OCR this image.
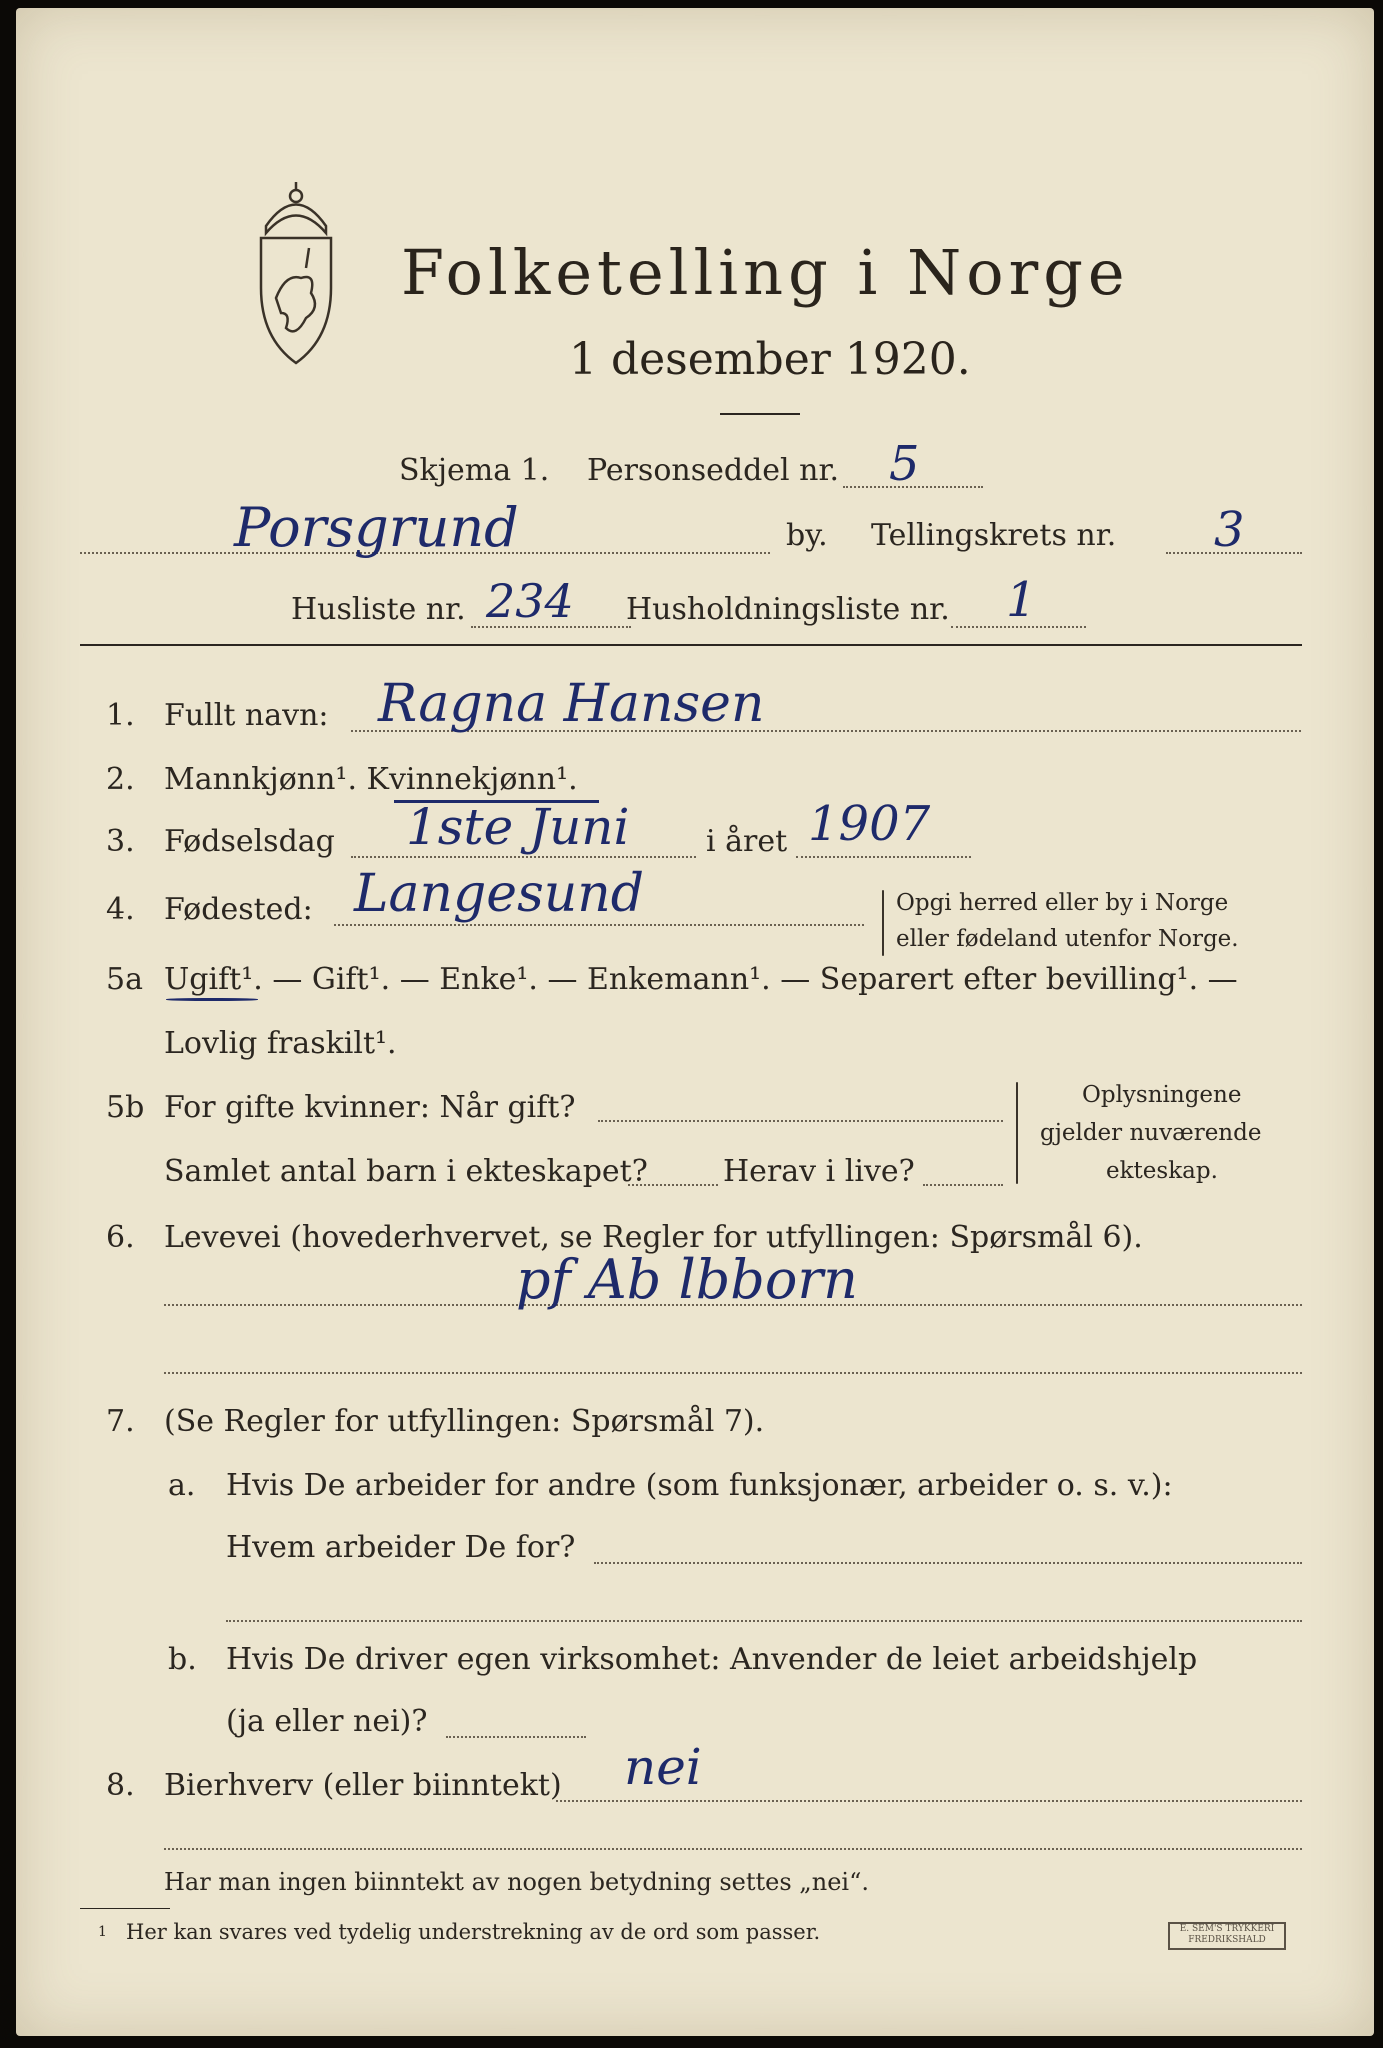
Folketelling i Norge
1 desember 1920.
Skjema 1. Personseddel nr. 5
Porsgrund	by. Tellingskrets nr. 3
Husliste nr. 234 Husholdningsliste nr. 1
1. Fullt navn: Ragna Hansen
2. Mannkjønn¹. Kvinnekjønn¹.
3. Fødselsdag 1ste Juni	i året 1907
4. Fødested: Langesund	Opgi herred eller by i Norge
eller fødeland utenfor Norge.
5a Ugift¹. — Gift¹. — Enke¹. — Enkemann¹. — Separert efter bevilling¹. —
Lovlig fraskilt¹.
5b For gifte kvinner: Når gift?
Samlet antal barn i ekteskapet?	Herav i live?
Oplysningene
gjelder nuværende
ekteskap.
6. Levevei (hovederhvervet, se Regler for utfyllingen: Spørsmål 6).
pf Ab lbborn
7. (Se Regler for utfyllingen: Spørsmål 7).
a. Hvis De arbeider for andre (som funksjonær, arbeider o. s. v.):
Hvem arbeider De for?
b. Hvis De driver egen virksomhet: Anvender de leiet arbeidshjelp
(ja eller nei)?
8. Bierhverv (eller biinntekt) nei
Har man ingen biinntekt av nogen betydning settes „nei“.
1 Her kan svares ved tydelig understrekning av de ord som passer.	E. SEM'S TRYKKERI FREDRIKSHALD
